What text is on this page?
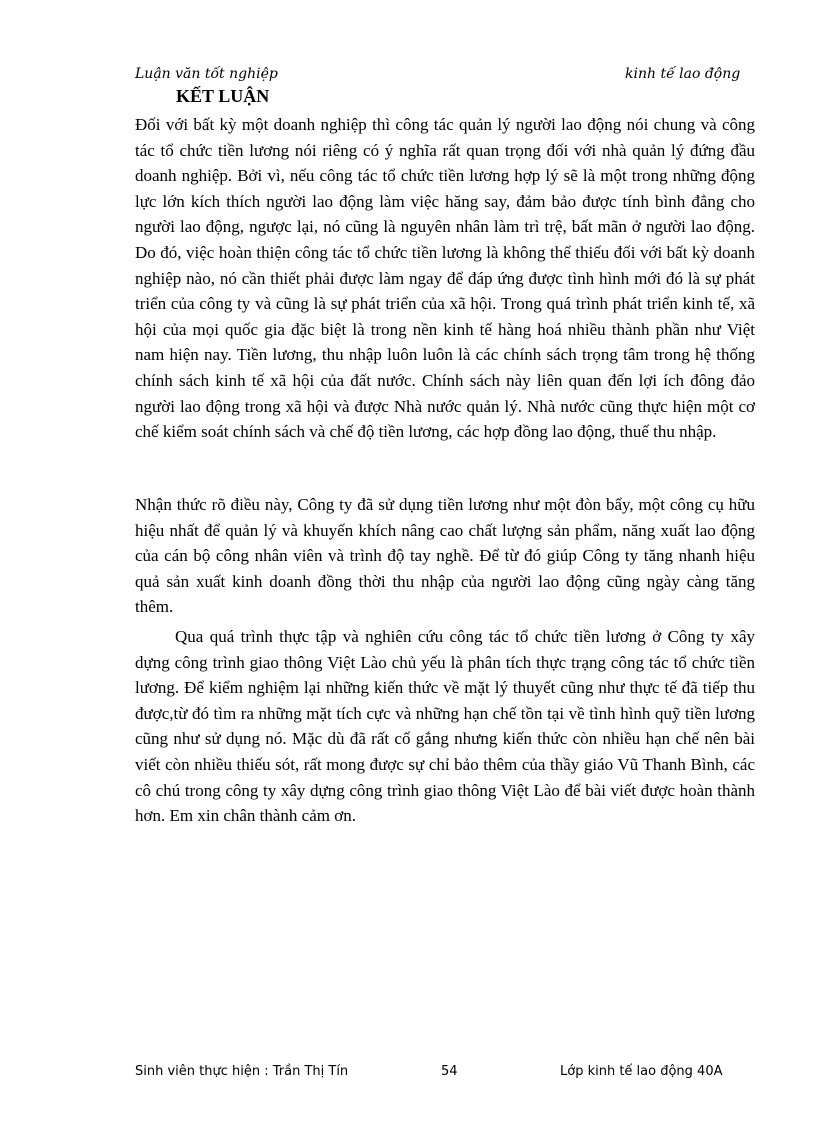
Luận văn tốt nghiệp	kinh tế lao động
KẾT LUẬN

Đối với bất kỳ một doanh nghiệp thì công tác quản lý người lao động nói chung và công tác tổ chức tiền lương nói riêng có ý nghĩa rất quan trọng đối với nhà quản lý đứng đầu doanh nghiệp. Bởi vì, nếu công tác tổ chức tiền lương hợp lý sẽ là một trong những động lực lớn kích thích người lao động làm việc hăng say, đảm bảo được tính bình đẳng cho người lao động, ngược lại, nó cũng là nguyên nhân làm trì trệ, bất mãn ở người lao động. Do đó, việc hoàn thiện công tác tổ chức tiền lương là không thể thiếu đối với bất kỳ doanh nghiệp nào, nó cần thiết phải được làm ngay để đáp ứng được tình hình mới đó là sự phát triển của công ty và cũng là sự phát triển của xã hội. Trong quá trình phát triển kinh tế, xã hội của mọi quốc gia đặc biệt là trong nền kinh tế hàng hoá nhiều thành phần như Việt nam hiện nay. Tiền lương, thu nhập luôn luôn là các chính sách trọng tâm trong hệ thống chính sách kinh tế xã hội của đất nước. Chính sách này liên quan đến lợi ích đông đảo người lao động trong xã hội và được Nhà nước quản lý. Nhà nước cũng thực hiện một cơ chế kiểm soát chính sách và chế độ tiền lương, các hợp đồng lao động, thuế thu nhập.

Nhận thức rõ điều này, Công ty đã sử dụng tiền lương như một đòn bẩy, một công cụ hữu hiệu nhất để quản lý và khuyến khích nâng cao chất lượng sản phẩm, năng xuất lao động của cán bộ công nhân viên và trình độ tay nghề. Để từ đó giúp Công ty tăng nhanh hiệu quả sản xuất kinh doanh đồng thời thu nhập của người lao động cũng ngày càng tăng thêm.

Qua quá trình thực tập và nghiên cứu công tác tổ chức tiền lương ở Công ty xây dựng công trình giao thông Việt Lào chủ yếu là phân tích thực trạng công tác tổ chức tiền lương. Để kiểm nghiệm lại những kiến thức về mặt lý thuyết cũng như thực tế đã tiếp thu được,từ đó tìm ra những mặt tích cực và những hạn chế tồn tại về tình hình quỹ tiền lương cũng như sử dụng nó. Mặc dù đã rất cố gắng nhưng kiến thức còn nhiều hạn chế nên bài viết còn nhiều thiếu sót, rất mong được sự chỉ bảo thêm của thầy giáo Vũ Thanh Bình, các cô chú trong công ty xây dựng công trình giao thông Việt Lào để bài viết được hoàn thành hơn. Em xin chân thành cảm ơn.

Sinh viên thực hiện : Trần Thị Tín	54	Lớp kinh tế lao động 40A
